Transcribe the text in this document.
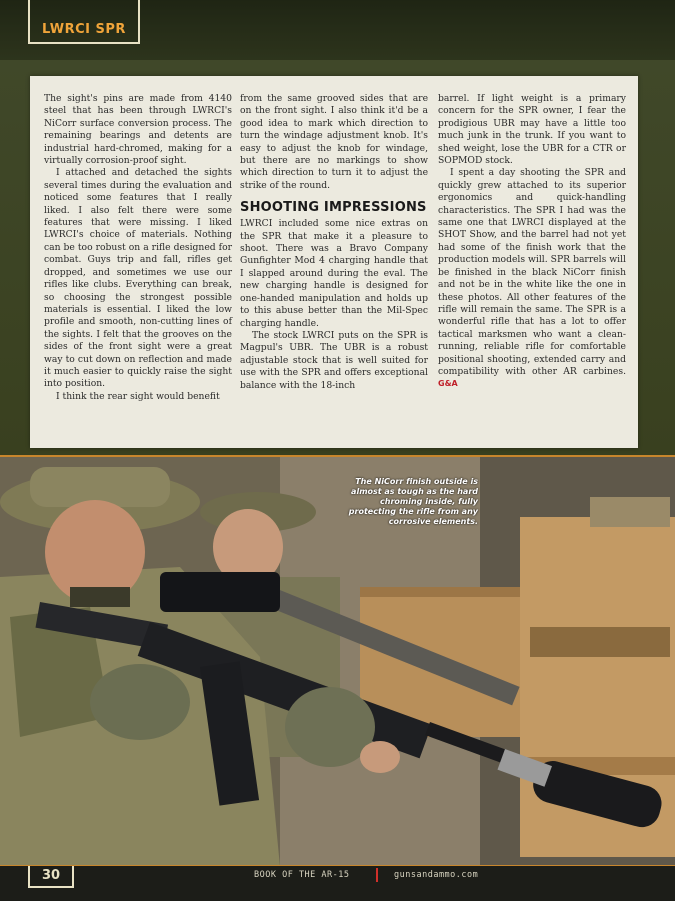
LWRCI SPR

The sight's pins are made from 4140 steel that has been through LWRCI's NiCorr surface conversion process. The remaining bearings and detents are industrial hard-chromed, making for a virtually corrosion-proof sight.

I attached and detached the sights several times during the evaluation and noticed some features that I really liked. I also felt there were some features that were missing. I liked LWRCI's choice of materials. Nothing can be too robust on a rifle designed for combat. Guys trip and fall, rifles get dropped, and sometimes we use our rifles like clubs. Everything can break, so choosing the strongest possible materials is essential. I liked the low profile and smooth, non-cutting lines of the sights. I felt that the grooves on the sides of the front sight were a great way to cut down on reflection and made it much easier to quickly raise the sight into position.

I think the rear sight would benefit

from the same grooved sides that are on the front sight. I also think it'd be a good idea to mark which direction to turn the windage adjustment knob. It's easy to adjust the knob for windage, but there are no markings to show which direction to turn it to adjust the strike of the round.

SHOOTING IMPRESSIONS

LWRCI included some nice extras on the SPR that make it a pleasure to shoot. There was a Bravo Company Gunfighter Mod 4 charging handle that I slapped around during the eval. The new charging handle is designed for one-handed manipulation and holds up to this abuse better than the Mil-Spec charging handle.

The stock LWRCI puts on the SPR is Magpul's UBR. The UBR is a robust adjustable stock that is well suited for use with the SPR and offers exceptional balance with the 18-inch

barrel. If light weight is a primary concern for the SPR owner, I fear the prodigious UBR may have a little too much junk in the trunk. If you want to shed weight, lose the UBR for a CTR or SOPMOD stock.

I spent a day shooting the SPR and quickly grew attached to its superior ergonomics and quick-handling characteristics. The SPR I had was the same one that LWRCI displayed at the SHOT Show, and the barrel had not yet had some of the finish work that the production models will. SPR barrels will be finished in the black NiCorr finish and not be in the white like the one in these photos. All other features of the rifle will remain the same. The SPR is a wonderful rifle that has a lot to offer tactical marksmen who want a clean-running, reliable rifle for comfortable positional shooting, extended carry and compatibility with other AR carbines. G&A

The NiCorr finish outside is almost as tough as the hard chroming inside, fully protecting the rifle from any corrosive elements.
30	BOOK OF THE AR-15	gunsandammo.com
